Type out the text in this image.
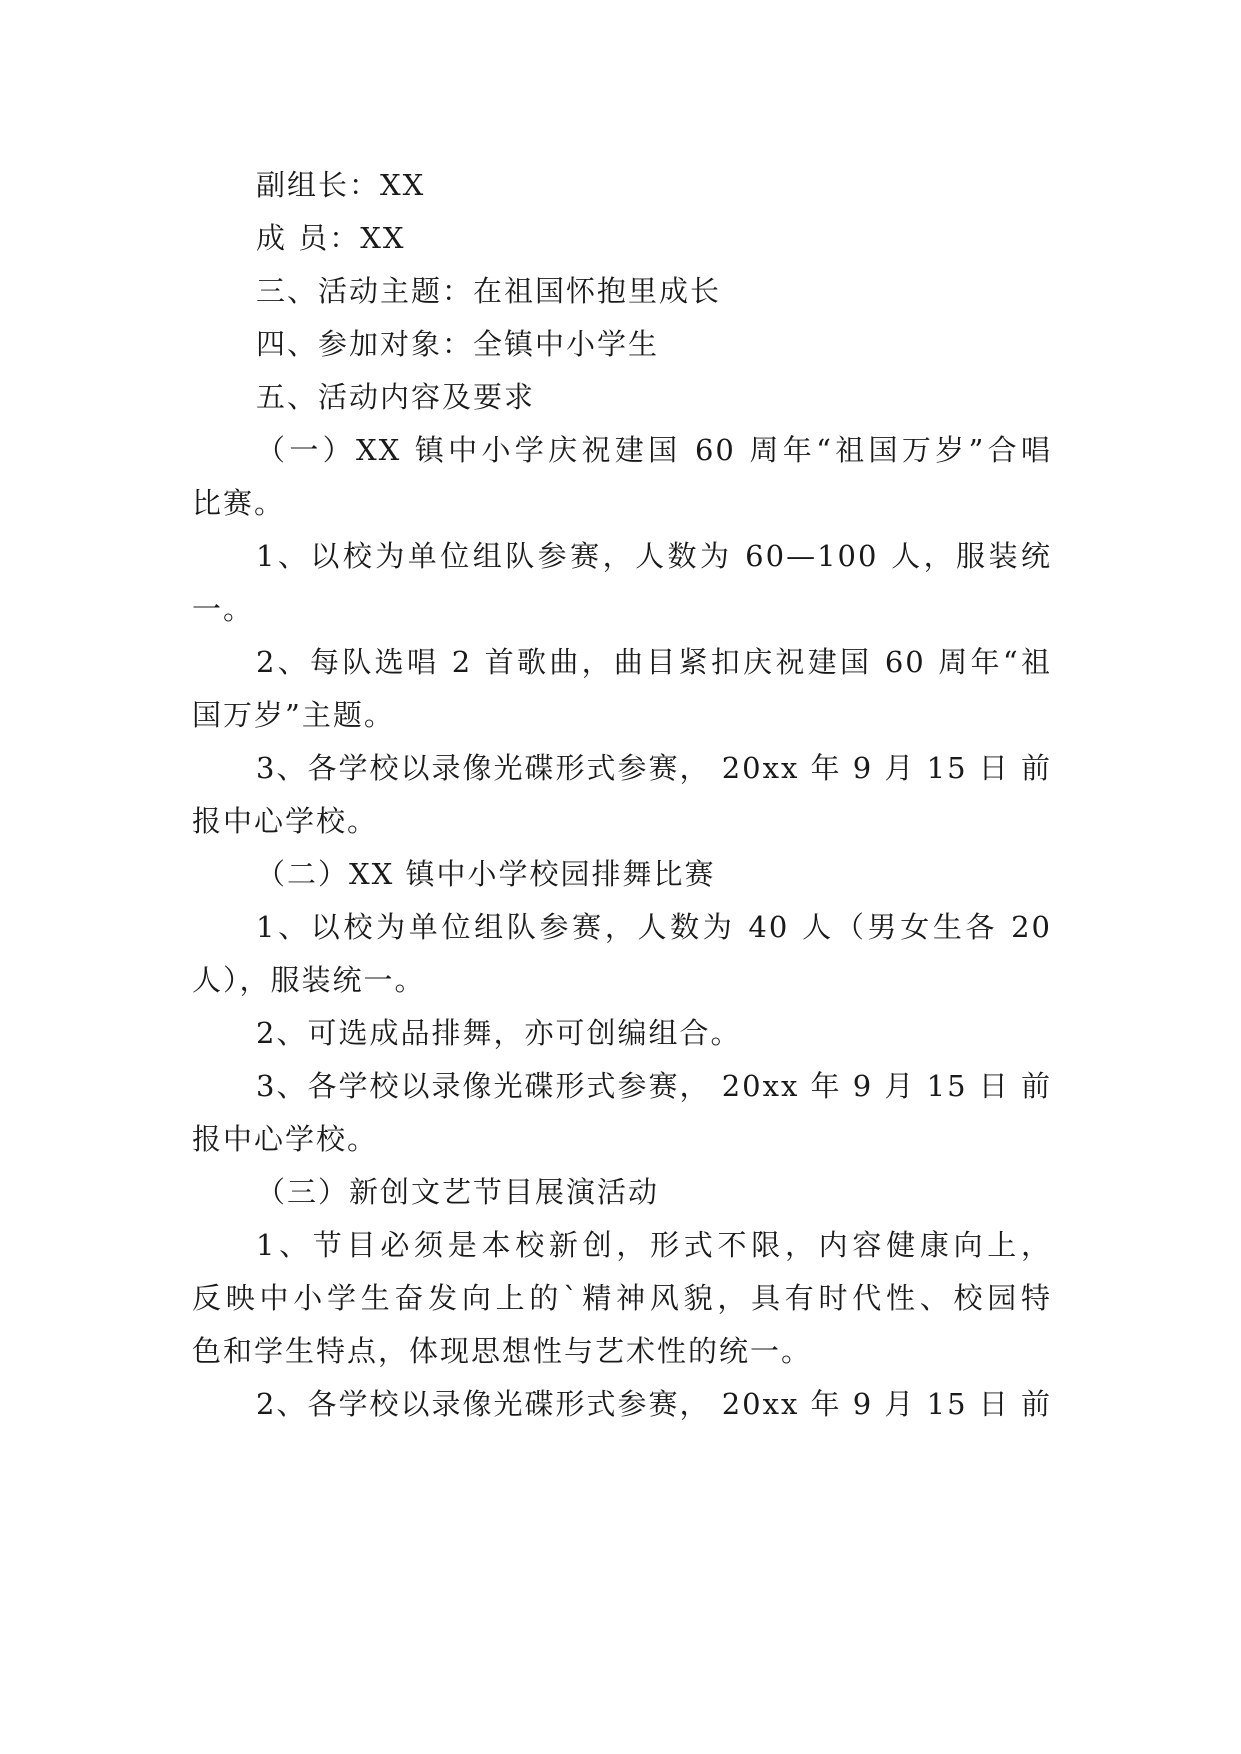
副组长：XX
成 员：XX
三、活动主题：在祖国怀抱里成长
四、参加对象：全镇中小学生
五、活动内容及要求
（一）XX 镇中小学庆祝建国 60 周年“祖国万岁”合唱
比赛。
1、以校为单位组队参赛，人数为 60—100 人，服装统
一。
2、每队选唱 2 首歌曲，曲目紧扣庆祝建国 60 周年“祖
国万岁”主题。
3、各学校以录像光碟形式参赛， 20xx 年 9 月 15 日 前
报中心学校。
（二）XX 镇中小学校园排舞比赛
1、以校为单位组队参赛，人数为 40 人（男女生各 20
人），服装统一。
2、可选成品排舞，亦可创编组合。
3、各学校以录像光碟形式参赛， 20xx 年 9 月 15 日 前
报中心学校。
（三）新创文艺节目展演活动
1、节目必须是本校新创，形式不限，内容健康向上，
反映中小学生奋发向上的`精神风貌，具有时代性、校园特
色和学生特点，体现思想性与艺术性的统一。
2、各学校以录像光碟形式参赛， 20xx 年 9 月 15 日 前
